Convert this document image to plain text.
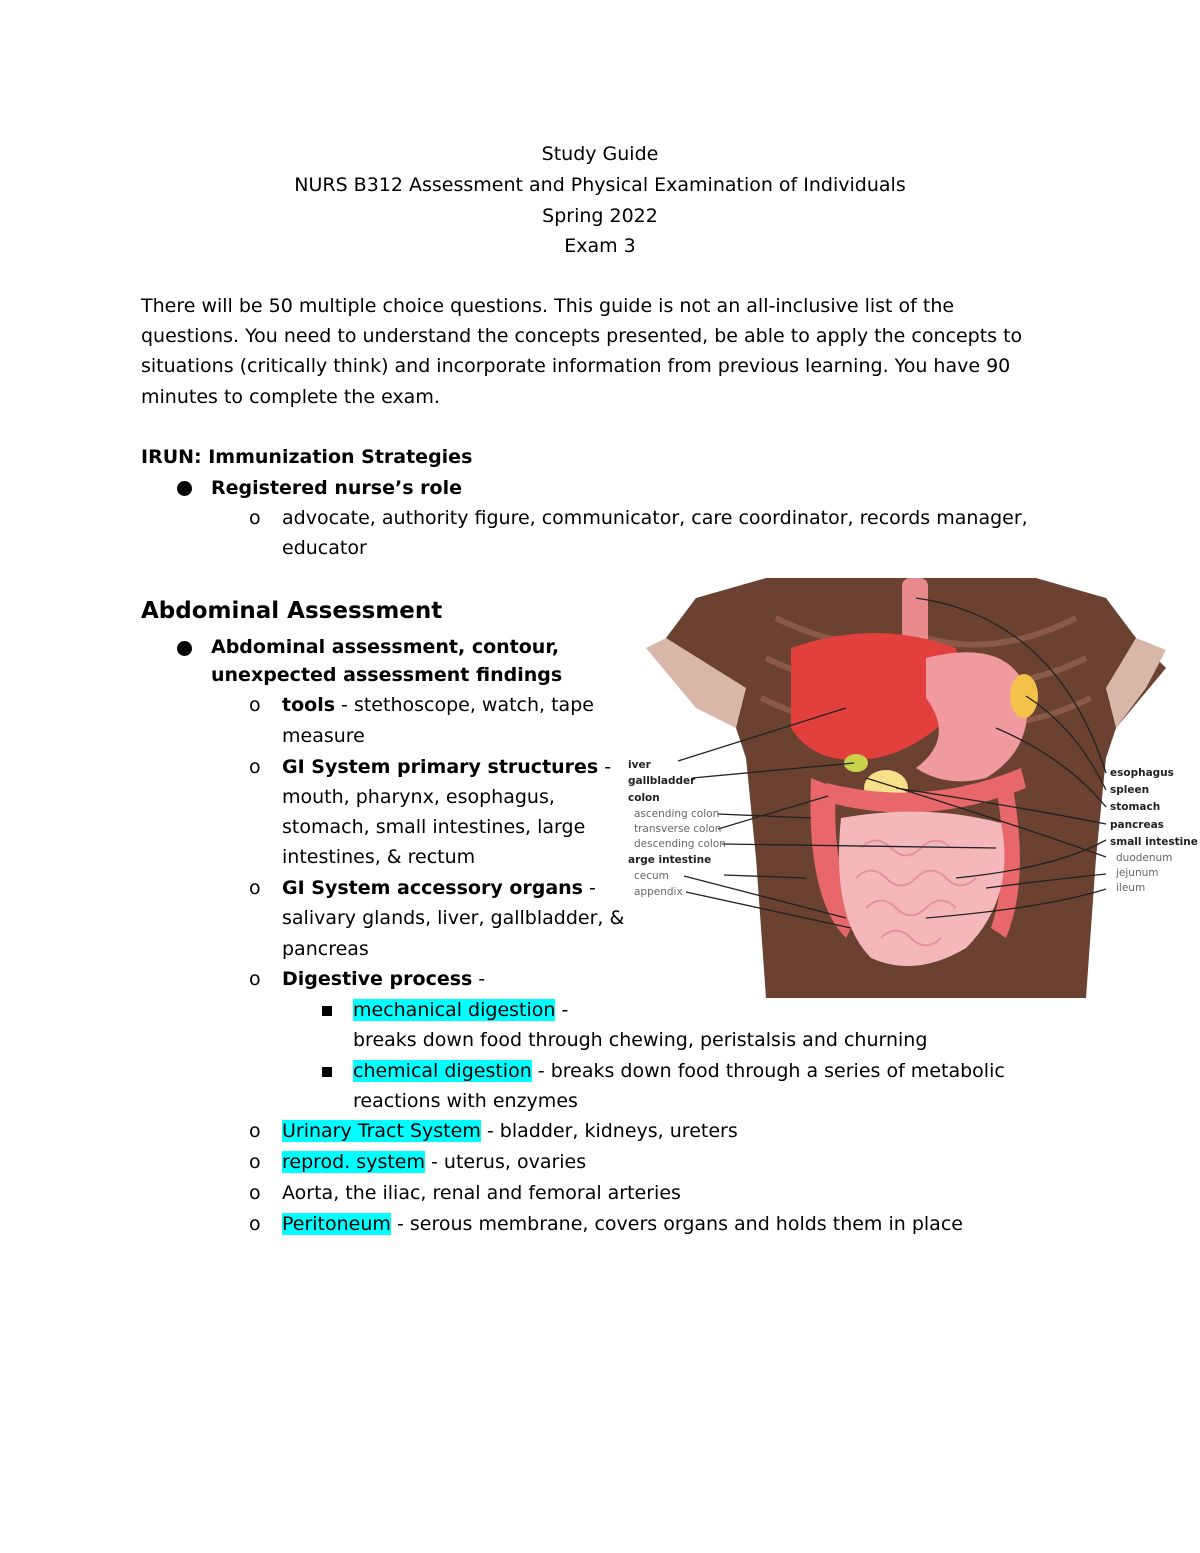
Study Guide
NURS B312 Assessment and Physical Examination of Individuals
Spring 2022
Exam 3
There will be 50 multiple choice questions. This guide is not an all-inclusive list of the
questions. You need to understand the concepts presented, be able to apply the concepts to
situations (critically think) and incorporate information from previous learning. You have 90
minutes to complete the exam.
IRUN: Immunization Strategies
Registered nurse’s role
o advocate, authority figure, communicator, care coordinator, records manager,
educator
Abdominal Assessment
Abdominal assessment, contour,
unexpected assessment findings
o tools - stethoscope, watch, tape
measure
o GI System primary structures -
mouth, pharynx, esophagus,
stomach, small intestines, large
intestines, & rectum
o GI System accessory organs -
salivary glands, liver, gallbladder, &
pancreas
o Digestive process -
mechanical digestion -
breaks down food through chewing, peristalsis and churning
chemical digestion - breaks down food through a series of metabolic
reactions with enzymes
o Urinary Tract System - bladder, kidneys, ureters
o reprod. system - uterus, ovaries
o Aorta, the iliac, renal and femoral arteries
o Peritoneum - serous membrane, covers organs and holds them in place
iver
gallbladder
colon
ascending colon
transverse colon
descending colon
arge intestine
cecum
appendix
esophagus
spleen
stomach
pancreas
small intestine
duodenum
jejunum
ileum
